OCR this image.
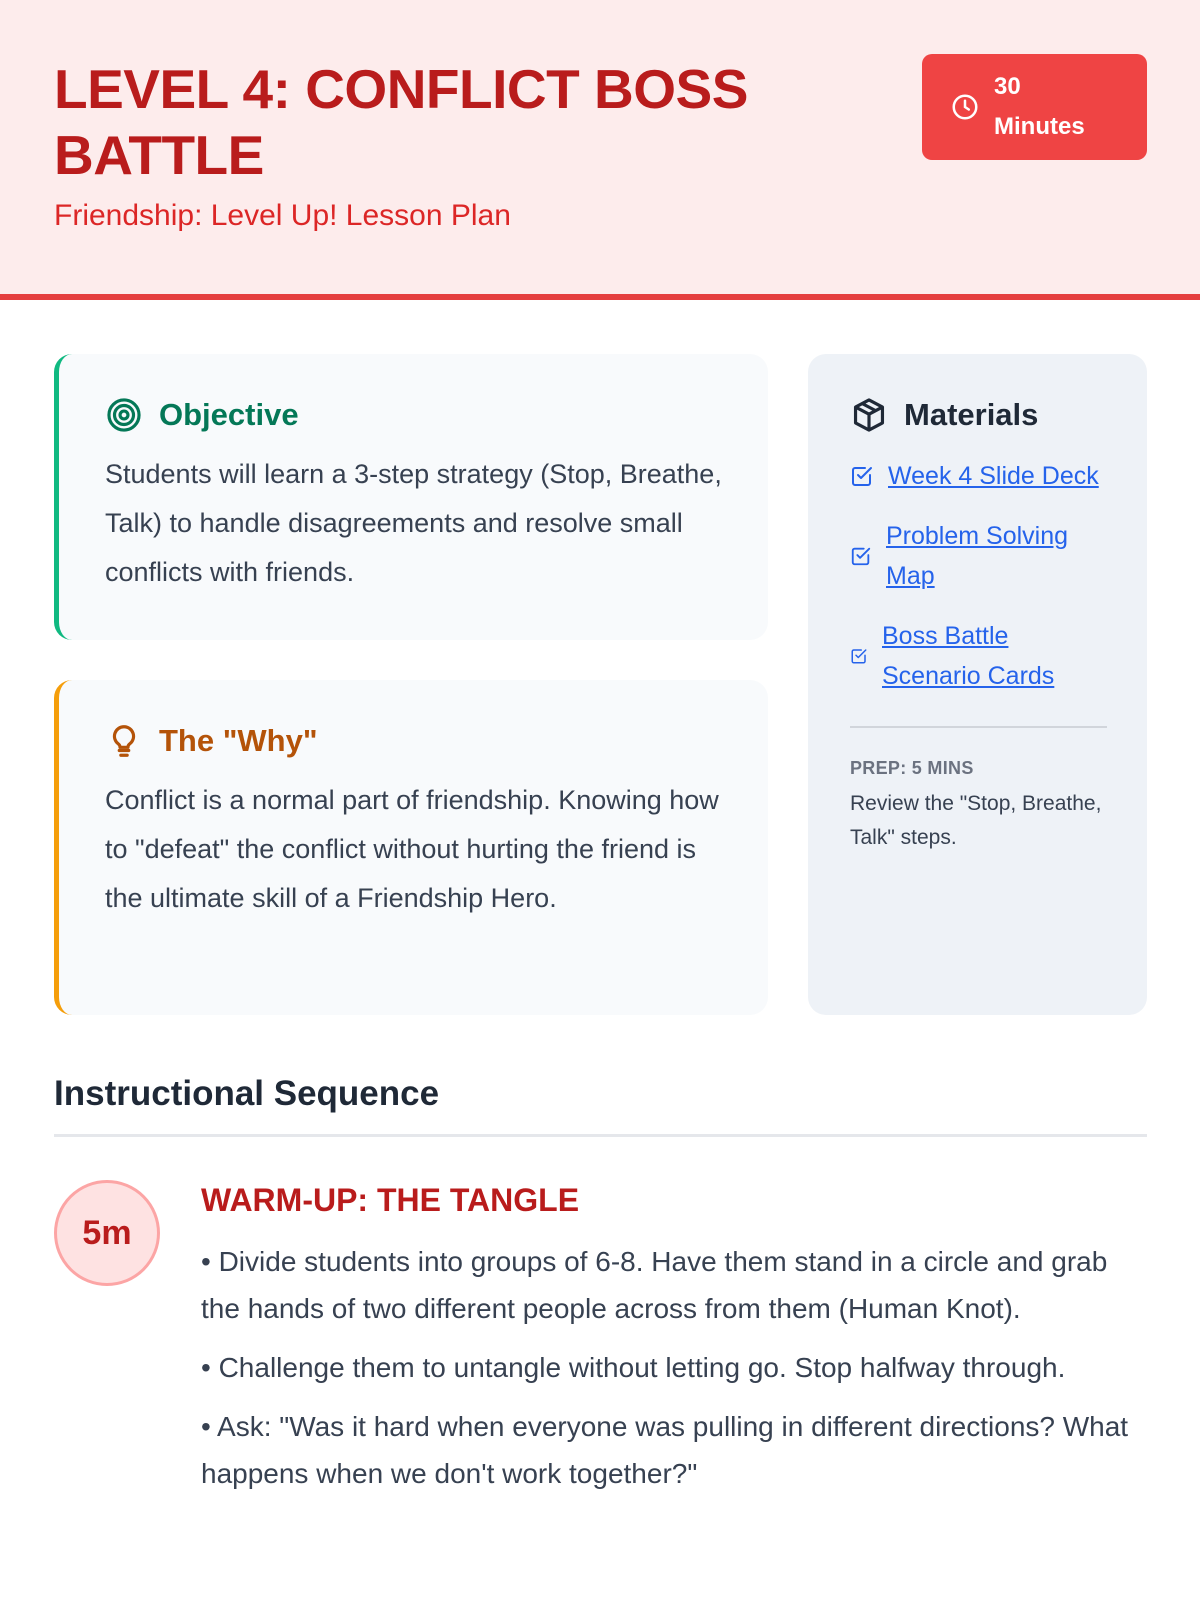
LEVEL 4: CONFLICT BOSS BATTLE
Friendship: Level Up! Lesson Plan
30
Minutes
Objective
Students will learn a 3-step strategy (Stop, Breathe, Talk) to handle disagreements and resolve small conflicts with friends.
The "Why"
Conflict is a normal part of friendship. Knowing how to "defeat" the conflict without hurting the friend is the ultimate skill of a Friendship Hero.
Materials
Week 4 Slide Deck
Problem Solving Map
Boss Battle Scenario Cards
PREP: 5 MINS
Review the "Stop, Breathe, Talk" steps.
Instructional Sequence
5m
WARM-UP: THE TANGLE

• Divide students into groups of 6-8. Have them stand in a circle and grab the hands of two different people across from them (Human Knot).

• Challenge them to untangle without letting go. Stop halfway through.

• Ask: "Was it hard when everyone was pulling in different directions? What happens when we don't work together?"
